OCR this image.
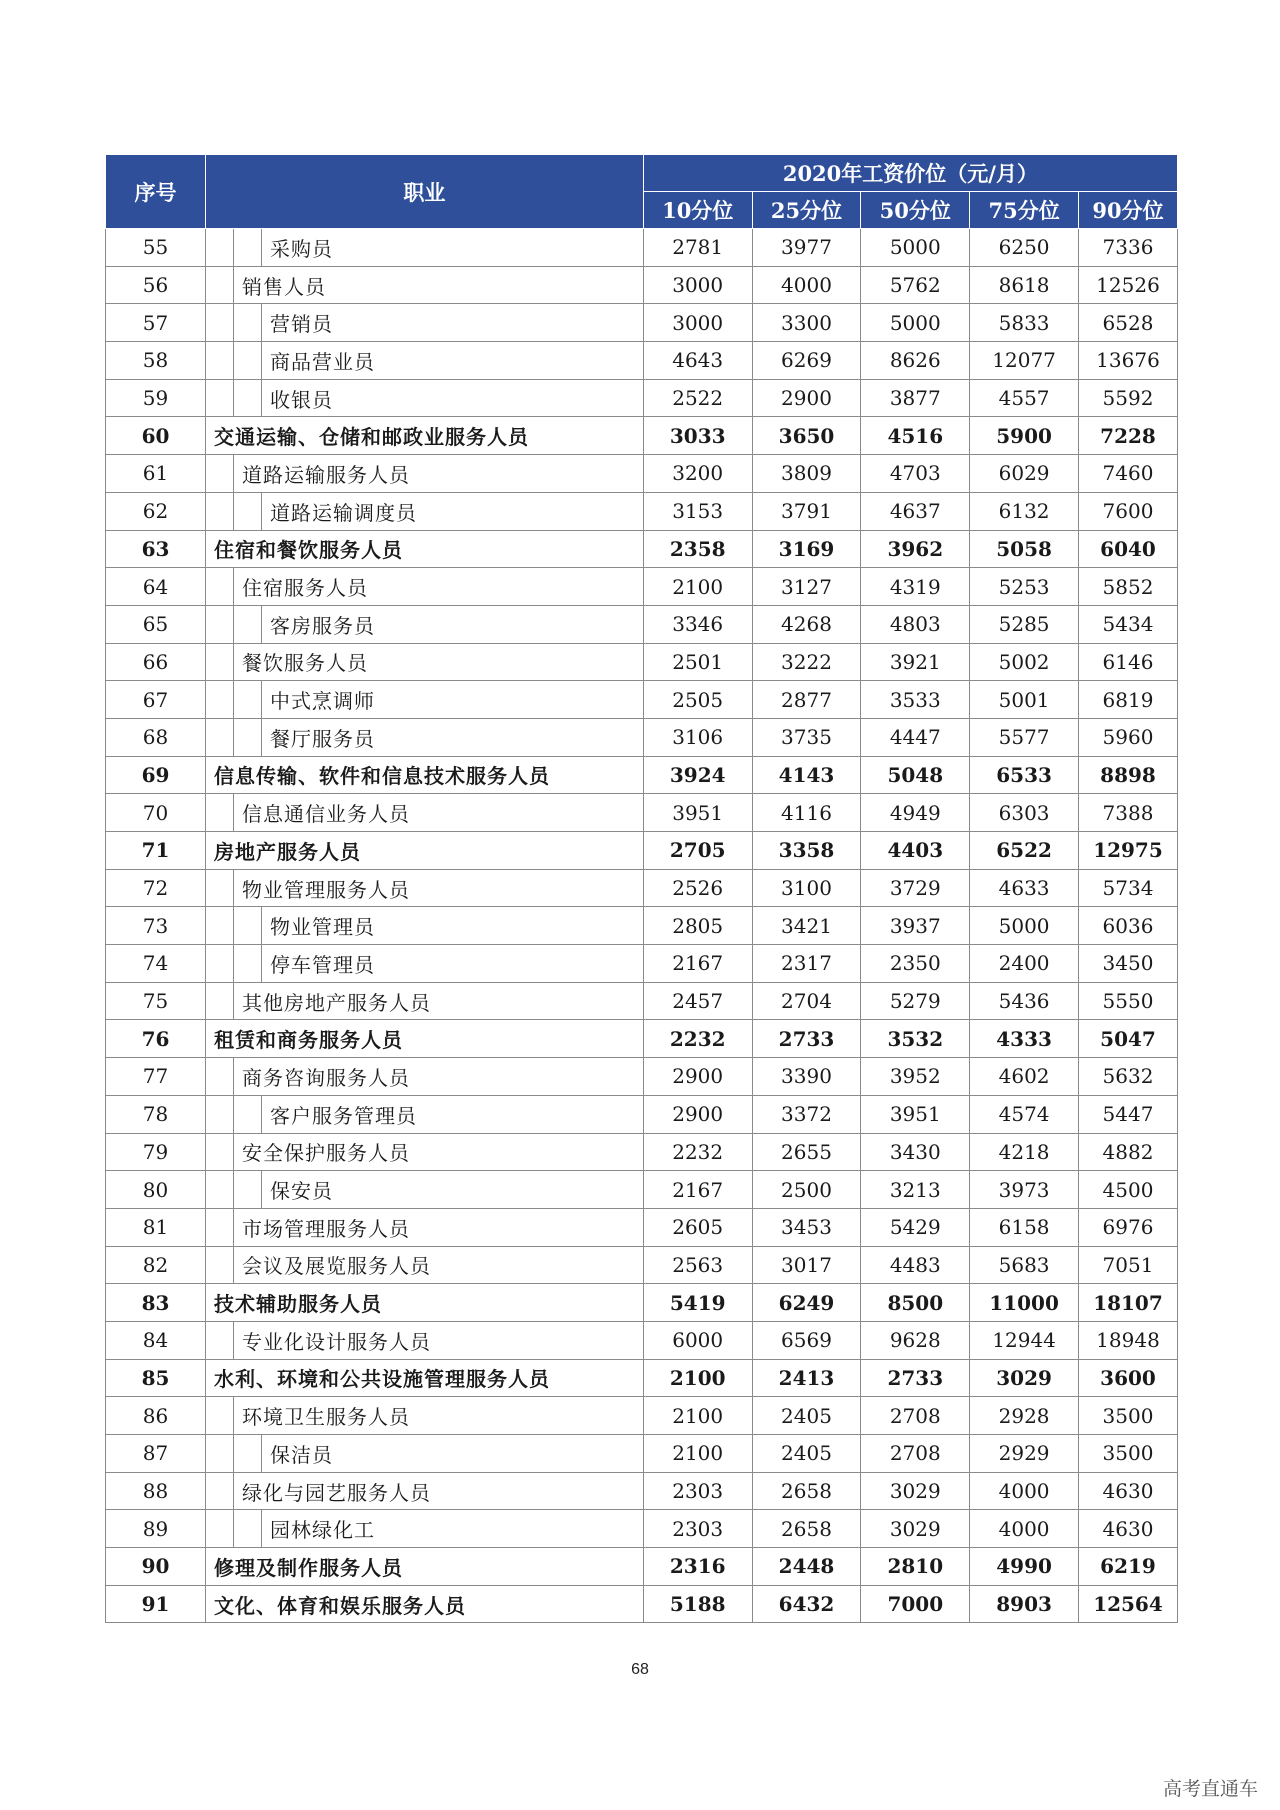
序号	职业			2020年工资价位（元/月）				
				10分位	25分位	50分位	75分位	90分位
55			采购员	2781	3977	5000	6250	7336
56		销售人员		3000	4000	5762	8618	12526
57			营销员	3000	3300	5000	5833	6528
58			商品营业员	4643	6269	8626	12077	13676
59			收银员	2522	2900	3877	4557	5592
60	交通运输、仓储和邮政业服务人员			3033	3650	4516	5900	7228
61		道路运输服务人员		3200	3809	4703	6029	7460
62			道路运输调度员	3153	3791	4637	6132	7600
63	住宿和餐饮服务人员			2358	3169	3962	5058	6040
64		住宿服务人员		2100	3127	4319	5253	5852
65			客房服务员	3346	4268	4803	5285	5434
66		餐饮服务人员		2501	3222	3921	5002	6146
67			中式烹调师	2505	2877	3533	5001	6819
68			餐厅服务员	3106	3735	4447	5577	5960
69	信息传输、软件和信息技术服务人员			3924	4143	5048	6533	8898
70		信息通信业务人员		3951	4116	4949	6303	7388
71	房地产服务人员			2705	3358	4403	6522	12975
72		物业管理服务人员		2526	3100	3729	4633	5734
73			物业管理员	2805	3421	3937	5000	6036
74			停车管理员	2167	2317	2350	2400	3450
75		其他房地产服务人员		2457	2704	5279	5436	5550
76	租赁和商务服务人员			2232	2733	3532	4333	5047
77		商务咨询服务人员		2900	3390	3952	4602	5632
78			客户服务管理员	2900	3372	3951	4574	5447
79		安全保护服务人员		2232	2655	3430	4218	4882
80			保安员	2167	2500	3213	3973	4500
81		市场管理服务人员		2605	3453	5429	6158	6976
82		会议及展览服务人员		2563	3017	4483	5683	7051
83	技术辅助服务人员			5419	6249	8500	11000	18107
84		专业化设计服务人员		6000	6569	9628	12944	18948
85	水利、环境和公共设施管理服务人员			2100	2413	2733	3029	3600
86		环境卫生服务人员		2100	2405	2708	2928	3500
87			保洁员	2100	2405	2708	2929	3500
88		绿化与园艺服务人员		2303	2658	3029	4000	4630
89			园林绿化工	2303	2658	3029	4000	4630
90	修理及制作服务人员			2316	2448	2810	4990	6219
91	文化、体育和娱乐服务人员			5188	6432	7000	8903	12564
68
高考直通车
